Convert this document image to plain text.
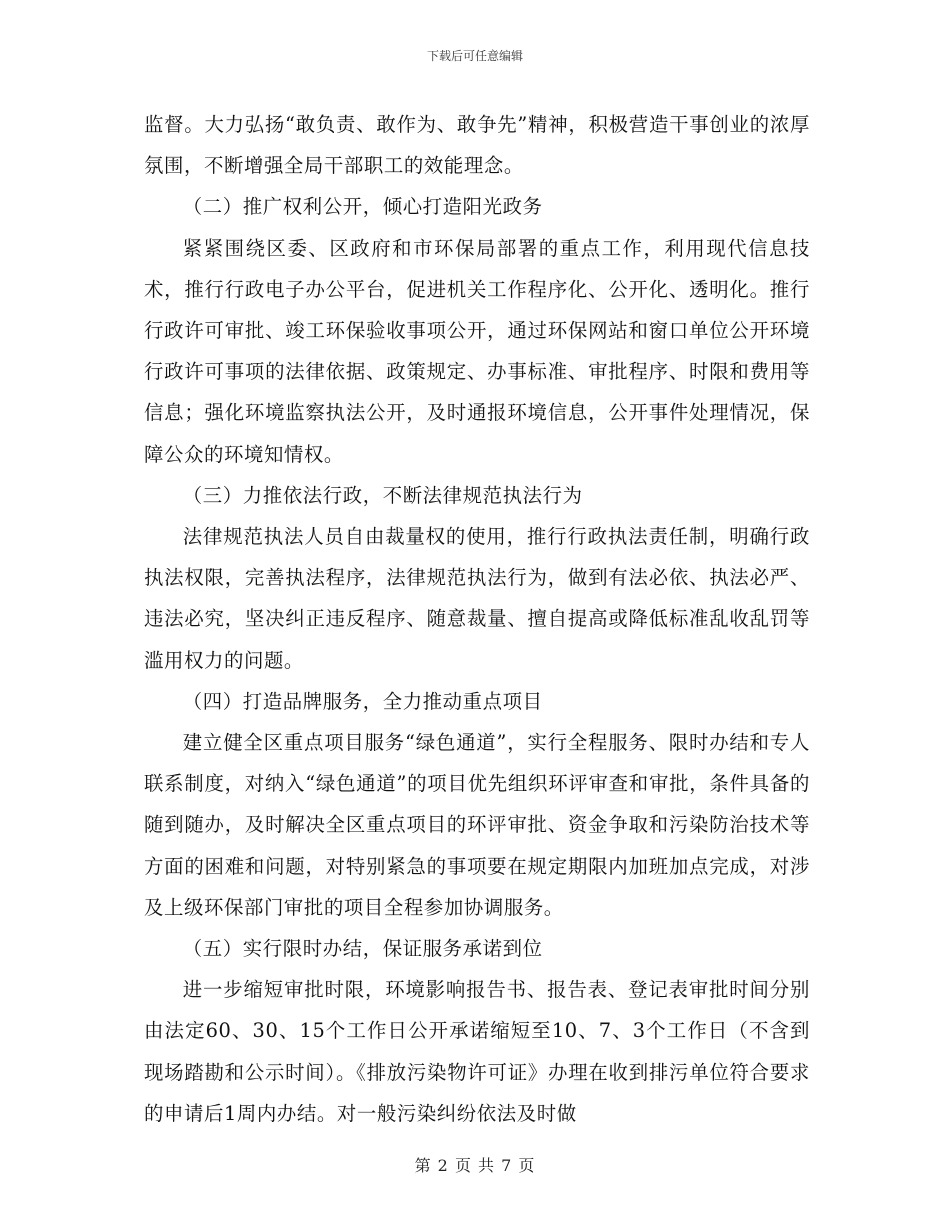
下载后可任意编辑

监督。大力弘扬“敢负责、敢作为、敢争先”精神，积极营造干事创业的浓厚氛围，不断增强全局干部职工的效能理念。

（二）推广权利公开，倾心打造阳光政务

紧紧围绕区委、区政府和市环保局部署的重点工作，利用现代信息技术，推行行政电子办公平台，促进机关工作程序化、公开化、透明化。推行行政许可审批、竣工环保验收事项公开，通过环保网站和窗口单位公开环境行政许可事项的法律依据、政策规定、办事标准、审批程序、时限和费用等信息；强化环境监察执法公开，及时通报环境信息，公开事件处理情况，保障公众的环境知情权。

（三）力推依法行政，不断法律规范执法行为

法律规范执法人员自由裁量权的使用，推行行政执法责任制，明确行政执法权限，完善执法程序，法律规范执法行为，做到有法必依、执法必严、违法必究，坚决纠正违反程序、随意裁量、擅自提高或降低标准乱收乱罚等滥用权力的问题。

（四）打造品牌服务，全力推动重点项目

建立健全区重点项目服务“绿色通道”，实行全程服务、限时办结和专人联系制度，对纳入“绿色通道”的项目优先组织环评审查和审批，条件具备的随到随办，及时解决全区重点项目的环评审批、资金争取和污染防治技术等方面的困难和问题，对特别紧急的事项要在规定期限内加班加点完成，对涉及上级环保部门审批的项目全程参加协调服务。

（五）实行限时办结，保证服务承诺到位

进一步缩短审批时限，环境影响报告书、报告表、登记表审批时间分别由法定60、30、15个工作日公开承诺缩短至10、7、3个工作日（不含到现场踏勘和公示时间）。《排放污染物许可证》办理在收到排污单位符合要求的申请后1周内办结。对一般污染纠纷依法及时做

第 2 页 共 7 页
